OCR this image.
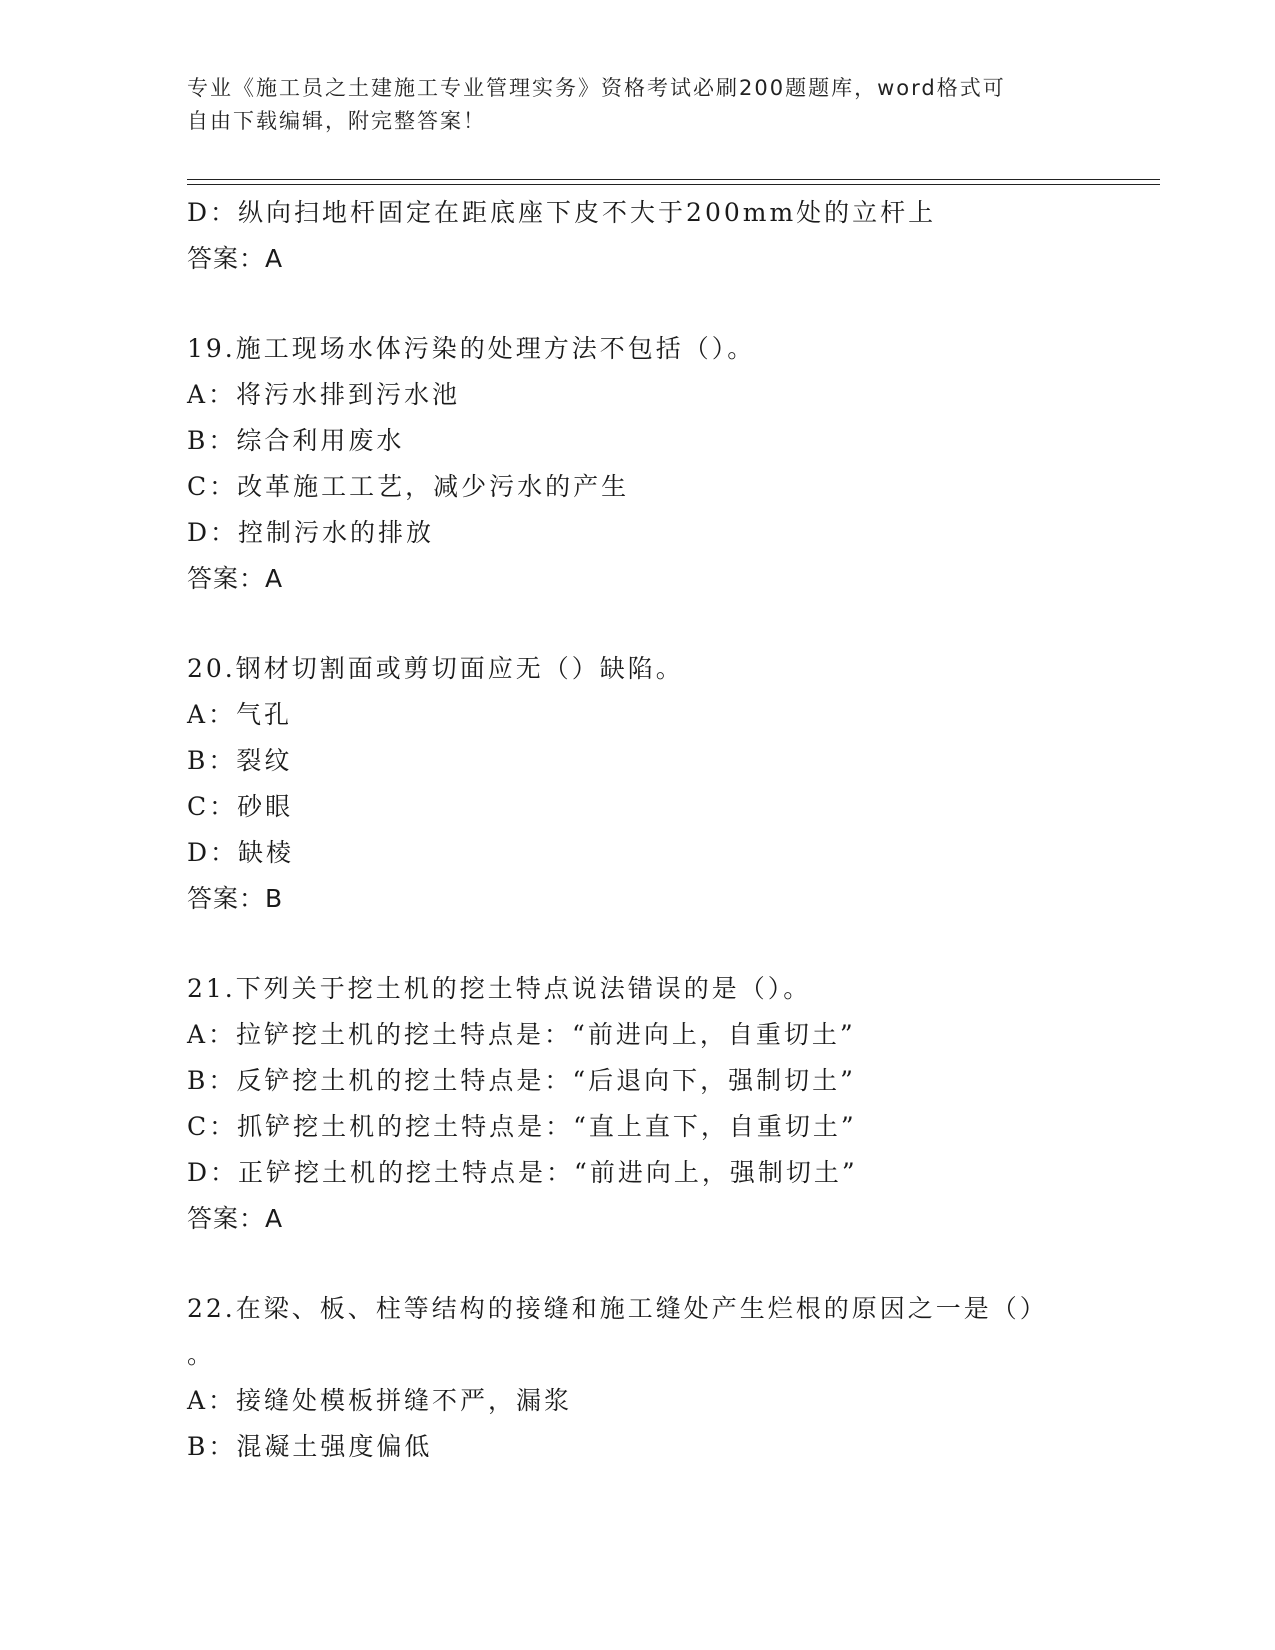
专业《施工员之土建施工专业管理实务》资格考试必刷200题题库，word格式可
自由下载编辑，附完整答案！
D：纵向扫地杆固定在距底座下皮不大于200mm处的立杆上
答案：A
19.施工现场水体污染的处理方法不包括（）。
A：将污水排到污水池
B：综合利用废水
C：改革施工工艺，减少污水的产生
D：控制污水的排放
答案：A
20.钢材切割面或剪切面应无（）缺陷。
A：气孔
B：裂纹
C：砂眼
D：缺棱
答案：B
21.下列关于挖土机的挖土特点说法错误的是（）。
A：拉铲挖土机的挖土特点是：“前进向上，自重切土”
B：反铲挖土机的挖土特点是：“后退向下，强制切土”
C：抓铲挖土机的挖土特点是：“直上直下，自重切土”
D：正铲挖土机的挖土特点是：“前进向上，强制切土”
答案：A
22.在梁、板、柱等结构的接缝和施工缝处产生烂根的原因之一是（）
。
A：接缝处模板拼缝不严，漏浆
B：混凝土强度偏低
